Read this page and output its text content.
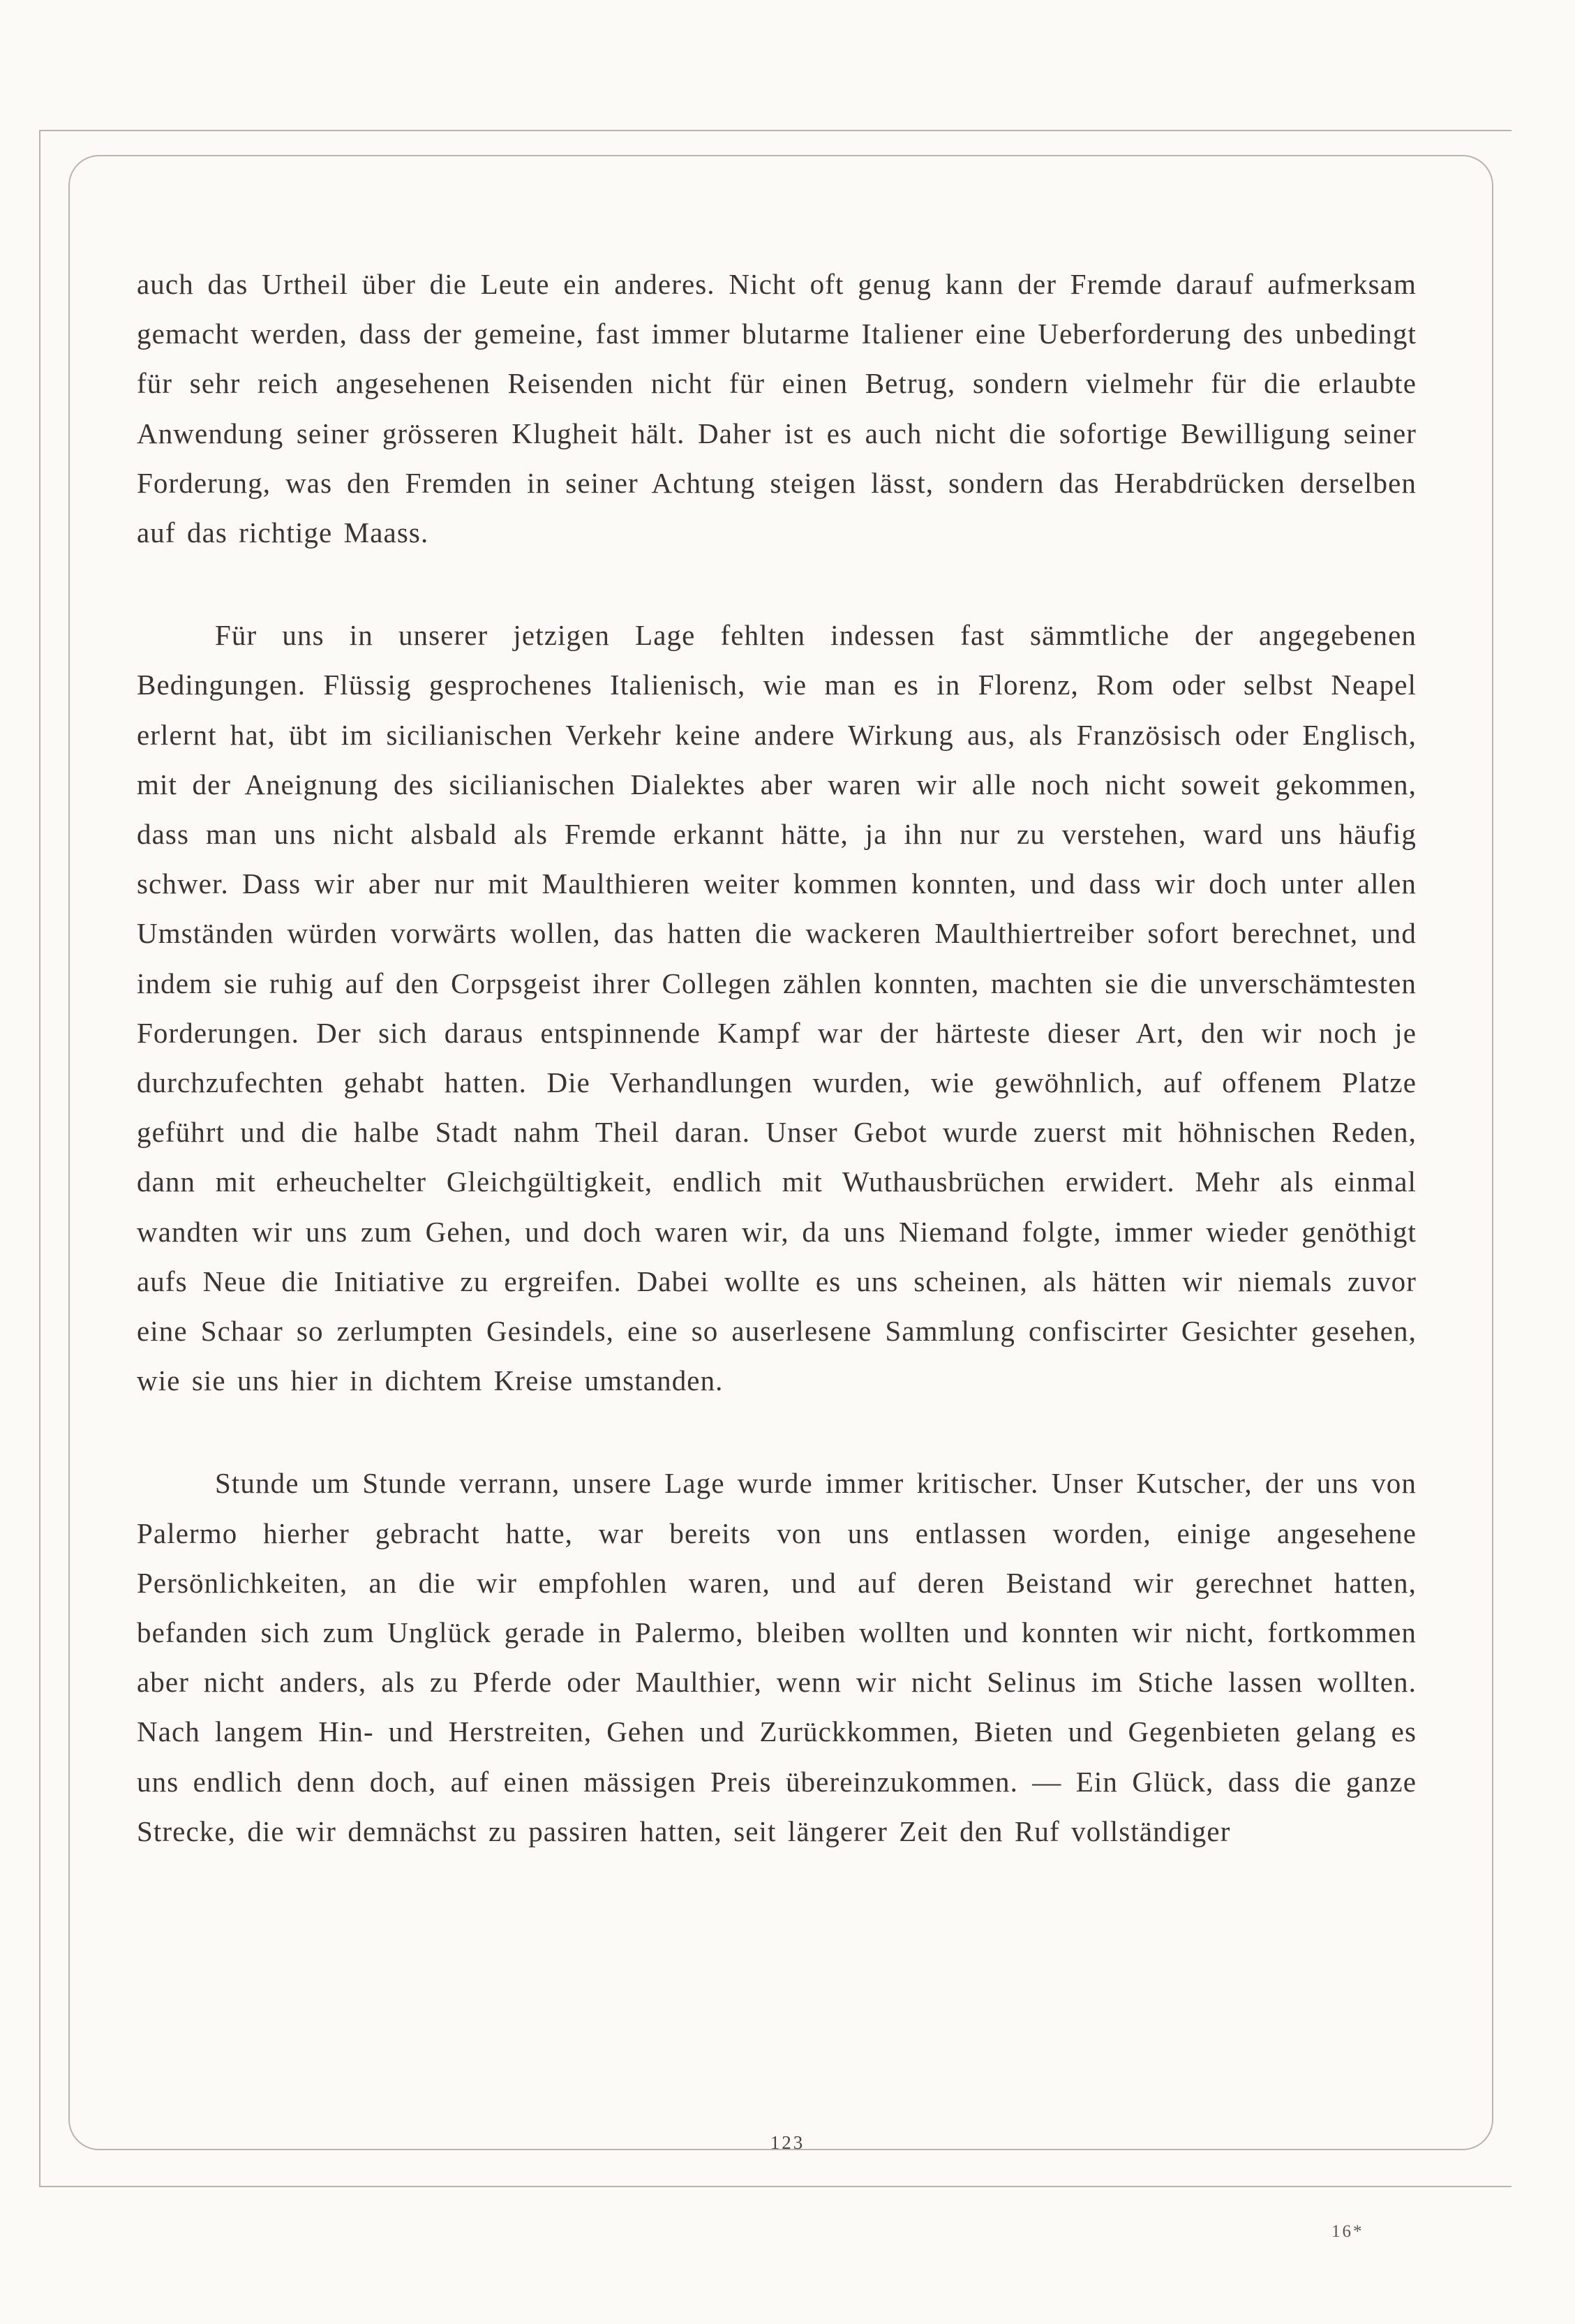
auch das Urtheil über die Leute ein anderes. Nicht oft genug kann der Fremde darauf aufmerksam gemacht werden, dass der gemeine, fast immer blutarme Italiener eine Ueberforderung des unbedingt für sehr reich angesehenen Reisenden nicht für einen Betrug, sondern vielmehr für die erlaubte Anwendung seiner grösseren Klugheit hält. Daher ist es auch nicht die sofortige Bewilligung seiner Forderung, was den Fremden in seiner Achtung steigen lässt, sondern das Herabdrücken derselben auf das richtige Maass.

Für uns in unserer jetzigen Lage fehlten indessen fast sämmtliche der angegebenen Bedingungen. Flüssig gesprochenes Italienisch, wie man es in Florenz, Rom oder selbst Neapel erlernt hat, übt im sicilianischen Verkehr keine andere Wirkung aus, als Französisch oder Englisch, mit der Aneignung des sicilianischen Dialektes aber waren wir alle noch nicht soweit gekommen, dass man uns nicht alsbald als Fremde erkannt hätte, ja ihn nur zu verstehen, ward uns häufig schwer. Dass wir aber nur mit Maulthieren weiter kommen konnten, und dass wir doch unter allen Umständen würden vorwärts wollen, das hatten die wackeren Maulthiertreiber sofort berechnet, und indem sie ruhig auf den Corpsgeist ihrer Collegen zählen konnten, machten sie die unverschämtesten Forderungen. Der sich daraus entspinnende Kampf war der härteste dieser Art, den wir noch je durchzufechten gehabt hatten. Die Verhandlungen wurden, wie gewöhnlich, auf offenem Platze geführt und die halbe Stadt nahm Theil daran. Unser Gebot wurde zuerst mit höhnischen Reden, dann mit erheuchelter Gleichgültigkeit, endlich mit Wuthausbrüchen erwidert. Mehr als einmal wandten wir uns zum Gehen, und doch waren wir, da uns Niemand folgte, immer wieder genöthigt aufs Neue die Initiative zu ergreifen. Dabei wollte es uns scheinen, als hätten wir niemals zuvor eine Schaar so zerlumpten Gesindels, eine so auserlesene Sammlung confiscirter Gesichter gesehen, wie sie uns hier in dichtem Kreise umstanden.

Stunde um Stunde verrann, unsere Lage wurde immer kritischer. Unser Kutscher, der uns von Palermo hierher gebracht hatte, war bereits von uns entlassen worden, einige angesehene Persönlichkeiten, an die wir empfohlen waren, und auf deren Beistand wir gerechnet hatten, befanden sich zum Unglück gerade in Palermo, bleiben wollten und konnten wir nicht, fortkommen aber nicht anders, als zu Pferde oder Maulthier, wenn wir nicht Selinus im Stiche lassen wollten. Nach langem Hin- und Herstreiten, Gehen und Zurückkommen, Bieten und Gegenbieten gelang es uns endlich denn doch, auf einen mässigen Preis übereinzukommen. — Ein Glück, dass die ganze Strecke, die wir demnächst zu passiren hatten, seit längerer Zeit den Ruf vollständiger

123
16*
